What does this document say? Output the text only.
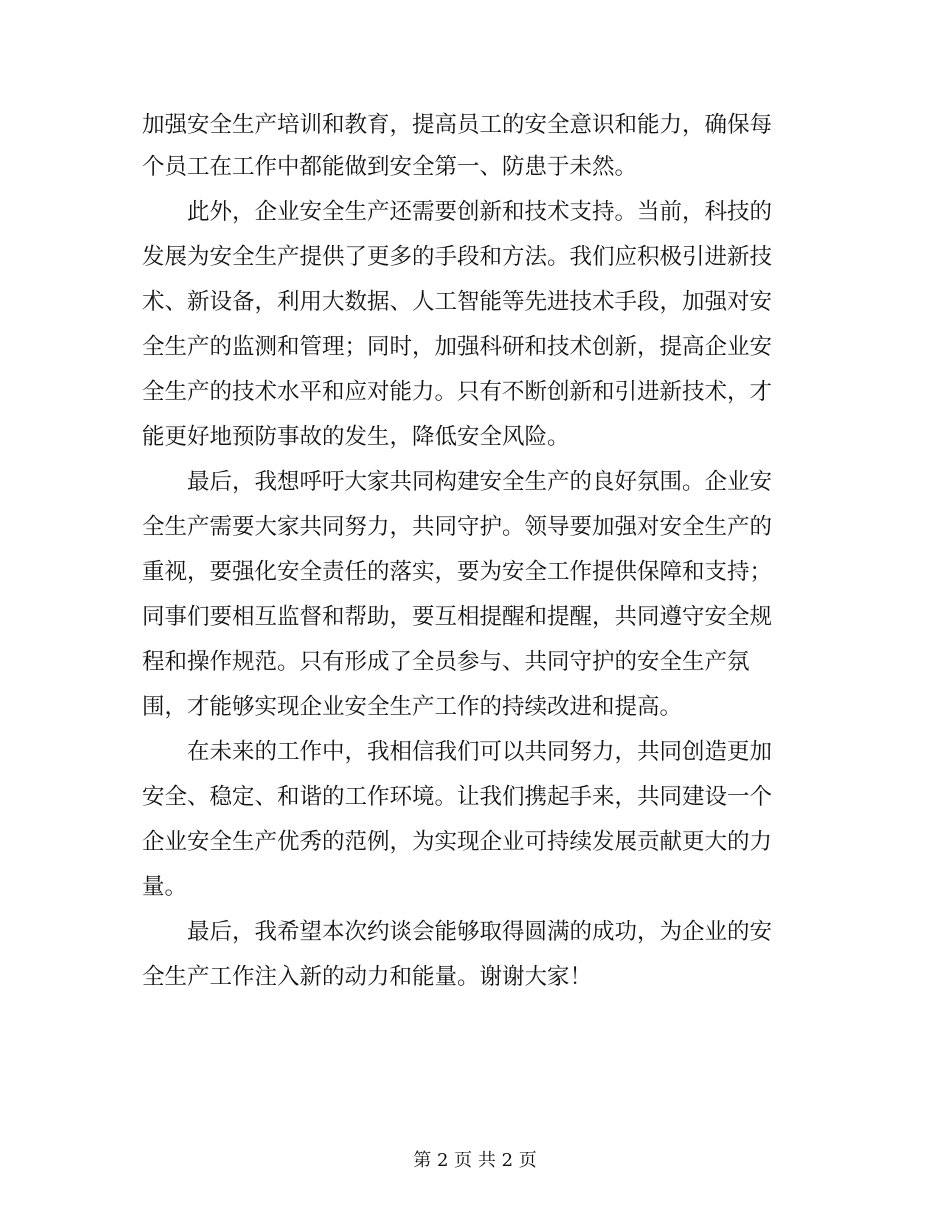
加强安全生产培训和教育，提高员工的安全意识和能力，确保每
个员工在工作中都能做到安全第一、防患于未然。
　　此外，企业安全生产还需要创新和技术支持。当前，科技的
发展为安全生产提供了更多的手段和方法。我们应积极引进新技
术、新设备，利用大数据、人工智能等先进技术手段，加强对安
全生产的监测和管理；同时，加强科研和技术创新，提高企业安
全生产的技术水平和应对能力。只有不断创新和引进新技术，才
能更好地预防事故的发生，降低安全风险。
　　最后，我想呼吁大家共同构建安全生产的良好氛围。企业安
全生产需要大家共同努力，共同守护。领导要加强对安全生产的
重视，要强化安全责任的落实，要为安全工作提供保障和支持；
同事们要相互监督和帮助，要互相提醒和提醒，共同遵守安全规
程和操作规范。只有形成了全员参与、共同守护的安全生产氛
围，才能够实现企业安全生产工作的持续改进和提高。
　　在未来的工作中，我相信我们可以共同努力，共同创造更加
安全、稳定、和谐的工作环境。让我们携起手来，共同建设一个
企业安全生产优秀的范例，为实现企业可持续发展贡献更大的力
量。
　　最后，我希望本次约谈会能够取得圆满的成功，为企业的安
全生产工作注入新的动力和能量。谢谢大家！
第 2 页 共 2 页
